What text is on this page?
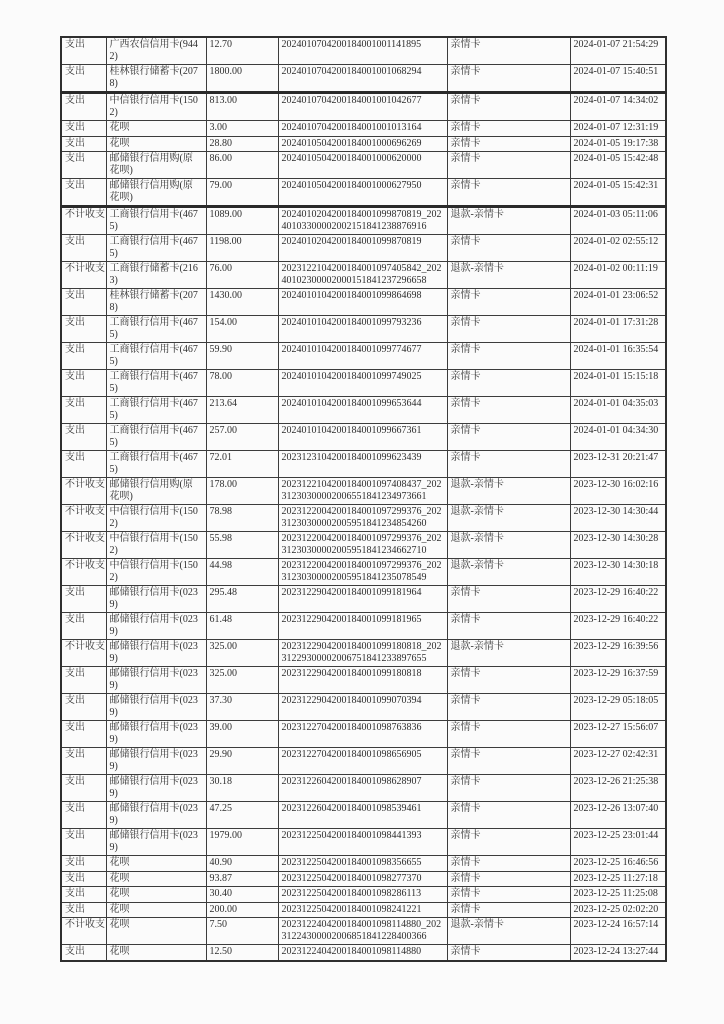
支出	广西农信信用卡(9442)	12.70	2024010704200184001001141895	亲情卡	2024-01-07 21:54:29
支出	桂林银行储蓄卡(2078)	1800.00	2024010704200184001001068294	亲情卡	2024-01-07 15:40:51
支出	中信银行信用卡(1502)	813.00	2024010704200184001001042677	亲情卡	2024-01-07 14:34:02
支出	花呗	3.00	2024010704200184001001013164	亲情卡	2024-01-07 12:31:19
支出	花呗	28.80	2024010504200184001000696269	亲情卡	2024-01-05 19:17:38
支出	邮储银行信用购(原花呗)	86.00	2024010504200184001000620000	亲情卡	2024-01-05 15:42:48
支出	邮储银行信用购(原花呗)	79.00	2024010504200184001000627950	亲情卡	2024-01-05 15:42:31
不计收支	工商银行信用卡(4675)	1089.00	2024010204200184001099870819_20240103300002002151841238876916	退款-亲情卡	2024-01-03 05:11:06
支出	工商银行信用卡(4675)	1198.00	2024010204200184001099870819	亲情卡	2024-01-02 02:55:12
不计收支	工商银行储蓄卡(2163)	76.00	2023122104200184001097405842_20240102300002000151841237296658	退款-亲情卡	2024-01-02 00:11:19
支出	桂林银行储蓄卡(2078)	1430.00	2024010104200184001099864698	亲情卡	2024-01-01 23:06:52
支出	工商银行信用卡(4675)	154.00	2024010104200184001099793236	亲情卡	2024-01-01 17:31:28
支出	工商银行信用卡(4675)	59.90	2024010104200184001099774677	亲情卡	2024-01-01 16:35:54
支出	工商银行信用卡(4675)	78.00	2024010104200184001099749025	亲情卡	2024-01-01 15:15:18
支出	工商银行信用卡(4675)	213.64	2024010104200184001099653644	亲情卡	2024-01-01 04:35:03
支出	工商银行信用卡(4675)	257.00	2024010104200184001099667361	亲情卡	2024-01-01 04:34:30
支出	工商银行信用卡(4675)	72.01	2023123104200184001099623439	亲情卡	2023-12-31 20:21:47
不计收支	邮储银行信用购(原花呗)	178.00	2023122104200184001097408437_20231230300002006551841234973661	退款-亲情卡	2023-12-30 16:02:16
不计收支	中信银行信用卡(1502)	78.98	2023122004200184001097299376_20231230300002005951841234854260	退款-亲情卡	2023-12-30 14:30:44
不计收支	中信银行信用卡(1502)	55.98	2023122004200184001097299376_20231230300002005951841234662710	退款-亲情卡	2023-12-30 14:30:28
不计收支	中信银行信用卡(1502)	44.98	2023122004200184001097299376_20231230300002005951841235078549	退款-亲情卡	2023-12-30 14:30:18
支出	邮储银行信用卡(0239)	295.48	2023122904200184001099181964	亲情卡	2023-12-29 16:40:22
支出	邮储银行信用卡(0239)	61.48	2023122904200184001099181965	亲情卡	2023-12-29 16:40:22
不计收支	邮储银行信用卡(0239)	325.00	2023122904200184001099180818_20231229300002006751841233897655	退款-亲情卡	2023-12-29 16:39:56
支出	邮储银行信用卡(0239)	325.00	2023122904200184001099180818	亲情卡	2023-12-29 16:37:59
支出	邮储银行信用卡(0239)	37.30	2023122904200184001099070394	亲情卡	2023-12-29 05:18:05
支出	邮储银行信用卡(0239)	39.00	2023122704200184001098763836	亲情卡	2023-12-27 15:56:07
支出	邮储银行信用卡(0239)	29.90	2023122704200184001098656905	亲情卡	2023-12-27 02:42:31
支出	邮储银行信用卡(0239)	30.18	2023122604200184001098628907	亲情卡	2023-12-26 21:25:38
支出	邮储银行信用卡(0239)	47.25	2023122604200184001098539461	亲情卡	2023-12-26 13:07:40
支出	邮储银行信用卡(0239)	1979.00	2023122504200184001098441393	亲情卡	2023-12-25 23:01:44
支出	花呗	40.90	2023122504200184001098356655	亲情卡	2023-12-25 16:46:56
支出	花呗	93.87	2023122504200184001098277370	亲情卡	2023-12-25 11:27:18
支出	花呗	30.40	2023122504200184001098286113	亲情卡	2023-12-25 11:25:08
支出	花呗	200.00	2023122504200184001098241221	亲情卡	2023-12-25 02:02:20
不计收支	花呗	7.50	2023122404200184001098114880_20231224300002006851841228400366	退款-亲情卡	2023-12-24 16:57:14
支出	花呗	12.50	2023122404200184001098114880	亲情卡	2023-12-24 13:27:44
